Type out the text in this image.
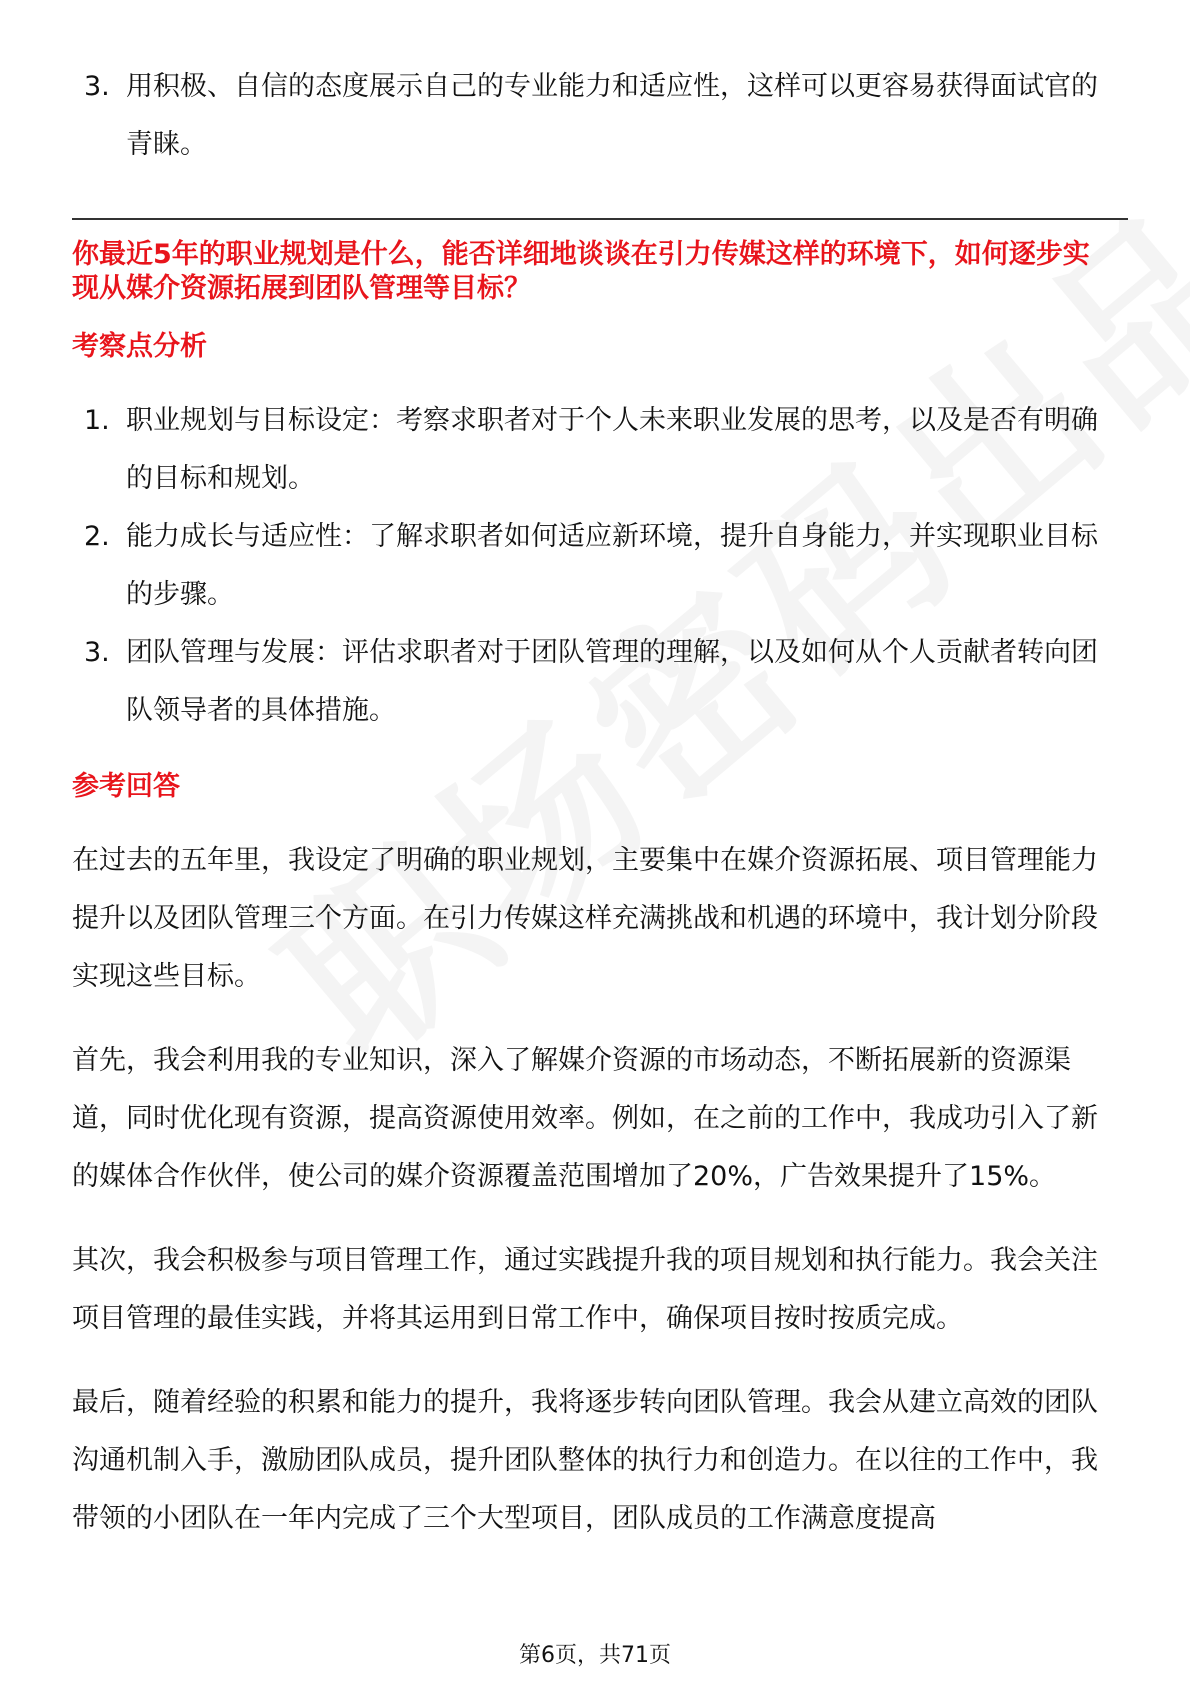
3. 用积极、自信的态度展示自己的专业能力和适应性，这样可以更容易获得面试官的青睐。
你最近5年的职业规划是什么，能否详细地谈谈在引力传媒这样的环境下，如何逐步实现从媒介资源拓展到团队管理等目标？
考察点分析
1. 职业规划与目标设定：考察求职者对于个人未来职业发展的思考，以及是否有明确的目标和规划。
2. 能力成长与适应性：了解求职者如何适应新环境，提升自身能力，并实现职业目标的步骤。
3. 团队管理与发展：评估求职者对于团队管理的理解，以及如何从个人贡献者转向团队领导者的具体措施。
参考回答

在过去的五年里，我设定了明确的职业规划，主要集中在媒介资源拓展、项目管理能力提升以及团队管理三个方面。在引力传媒这样充满挑战和机遇的环境中，我计划分阶段实现这些目标。

首先，我会利用我的专业知识，深入了解媒介资源的市场动态，不断拓展新的资源渠道，同时优化现有资源，提高资源使用效率。例如，在之前的工作中，我成功引入了新的媒体合作伙伴，使公司的媒介资源覆盖范围增加了20%，广告效果提升了15%。

其次，我会积极参与项目管理工作，通过实践提升我的项目规划和执行能力。我会关注项目管理的最佳实践，并将其运用到日常工作中，确保项目按时按质完成。

最后，随着经验的积累和能力的提升，我将逐步转向团队管理。我会从建立高效的团队沟通机制入手，激励团队成员，提升团队整体的执行力和创造力。在以往的工作中，我带领的小团队在一年内完成了三个大型项目，团队成员的工作满意度提高

第6页，共71页
